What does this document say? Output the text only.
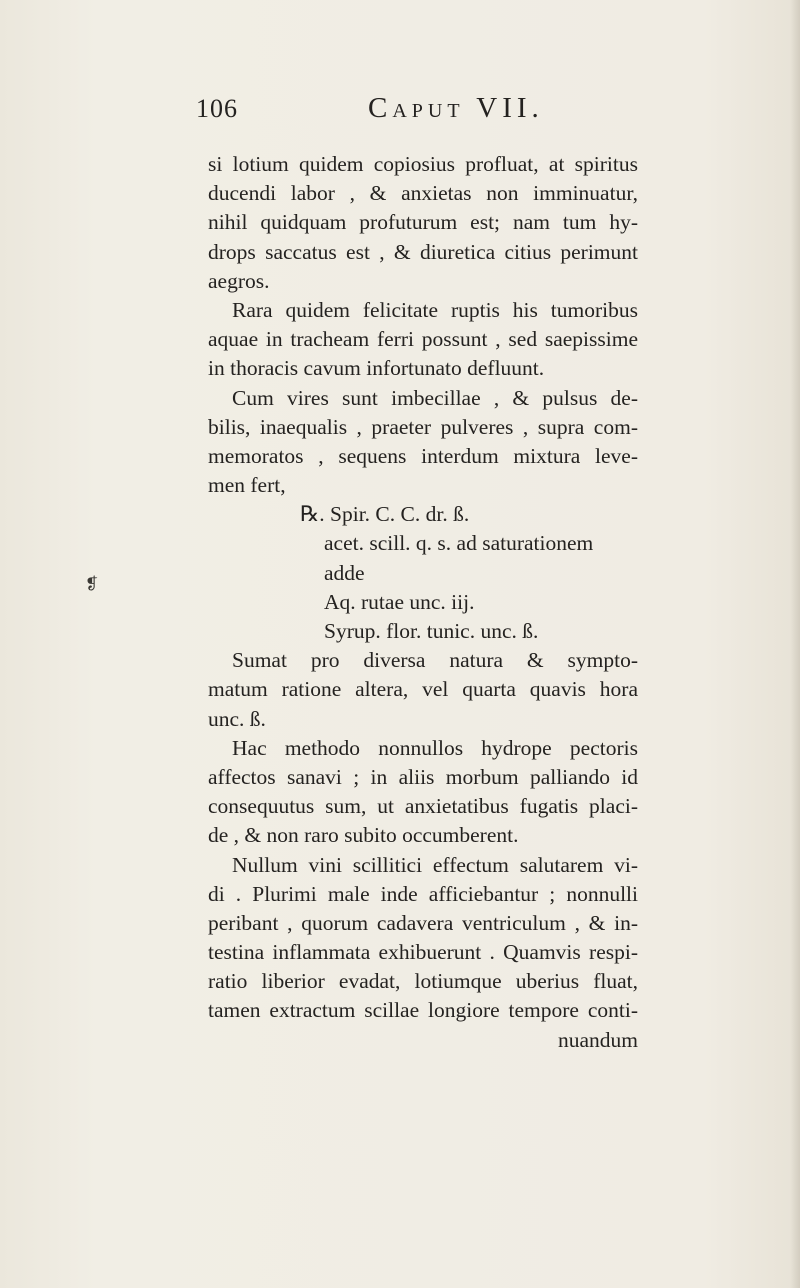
106	Caput VII.
❡
si lotium quidem copiosius profluat, at spiritus
ducendi labor , & anxietas non imminuatur,
nihil quidquam profuturum est; nam tum hy-
drops saccatus est , & diuretica citius perimunt
aegros.
Rara quidem felicitate ruptis his tumoribus
aquae in tracheam ferri possunt , sed saepissime
in thoracis cavum infortunato defluunt.
Cum vires sunt imbecillae , & pulsus de-
bilis, inaequalis , praeter pulveres , supra com-
memoratos , sequens interdum mixtura leve-
men fert,
℞. Spir. C. C. dr. ß.
acet. scill. q. s. ad saturationem
adde
Aq. rutae unc. iij.
Syrup. flor. tunic. unc. ß.
Sumat pro diversa natura & sympto-
matum ratione altera, vel quarta quavis hora
unc. ß.
Hac methodo nonnullos hydrope pectoris
affectos sanavi ; in aliis morbum palliando id
consequutus sum, ut anxietatibus fugatis placi-
de , & non raro subito occumberent.
Nullum vini scillitici effectum salutarem vi-
di . Plurimi male inde afficiebantur ; nonnulli
peribant , quorum cadavera ventriculum , & in-
testina inflammata exhibuerunt . Quamvis respi-
ratio liberior evadat, lotiumque uberius fluat,
tamen extractum scillae longiore tempore conti-
nuandum
